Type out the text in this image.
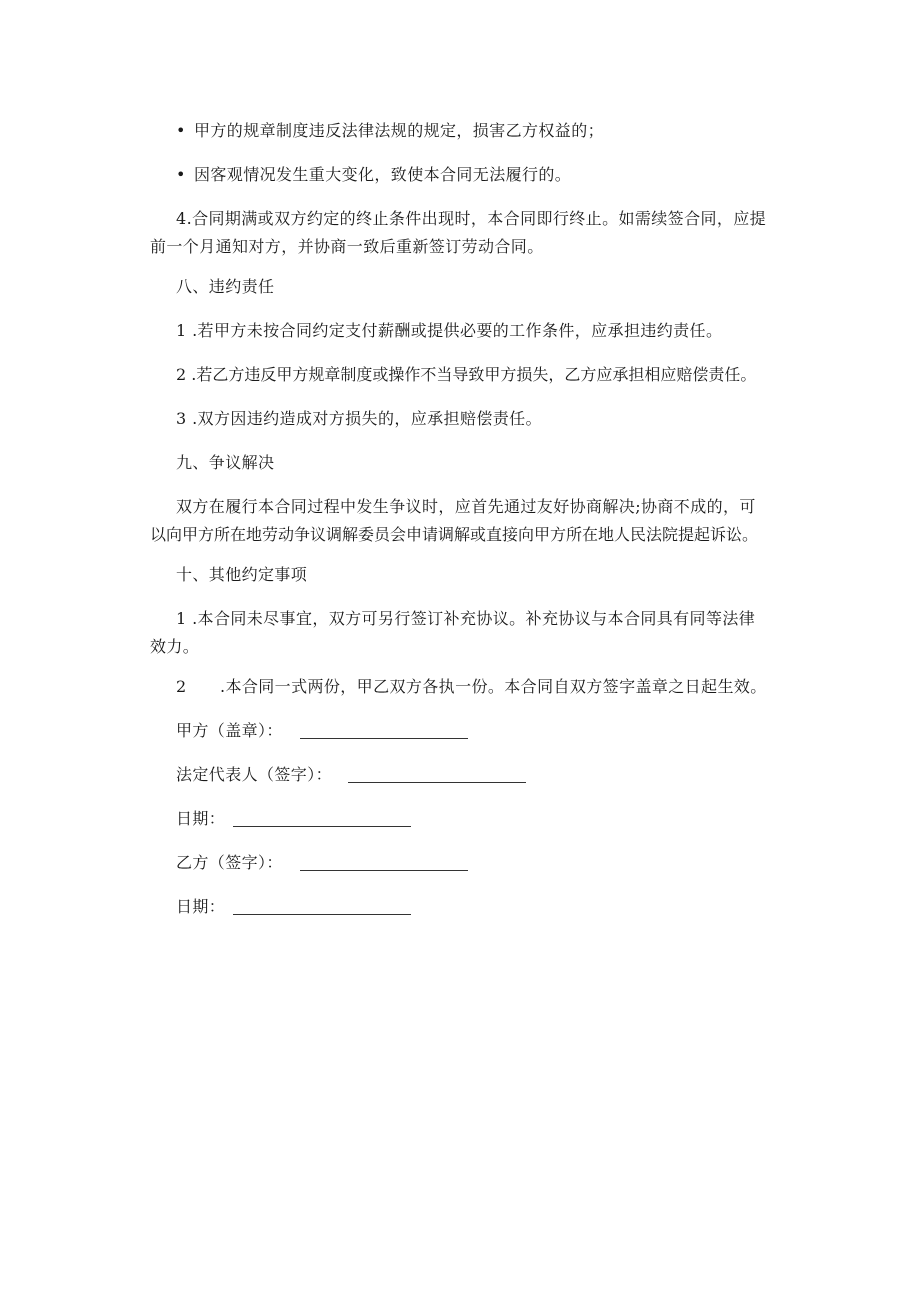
• 甲方的规章制度违反法律法规的规定，损害乙方权益的；
• 因客观情况发生重大变化，致使本合同无法履行的。
4.合同期满或双方约定的终止条件出现时，本合同即行终止。如需续签合同，应提
前一个月通知对方，并协商一致后重新签订劳动合同。
八、违约责任
1 .若甲方未按合同约定支付薪酬或提供必要的工作条件，应承担违约责任。
2 .若乙方违反甲方规章制度或操作不当导致甲方损失，乙方应承担相应赔偿责任。
3 .双方因违约造成对方损失的，应承担赔偿责任。
九、争议解决
双方在履行本合同过程中发生争议时，应首先通过友好协商解决;协商不成的，可
以向甲方所在地劳动争议调解委员会申请调解或直接向甲方所在地人民法院提起诉讼。
十、其他约定事项
1 .本合同未尽事宜，双方可另行签订补充协议。补充协议与本合同具有同等法律
效力。
2 .本合同一式两份，甲乙双方各执一份。本合同自双方签字盖章之日起生效。
甲方（盖章）：
法定代表人（签字）：
日期：
乙方（签字）：
日期：
